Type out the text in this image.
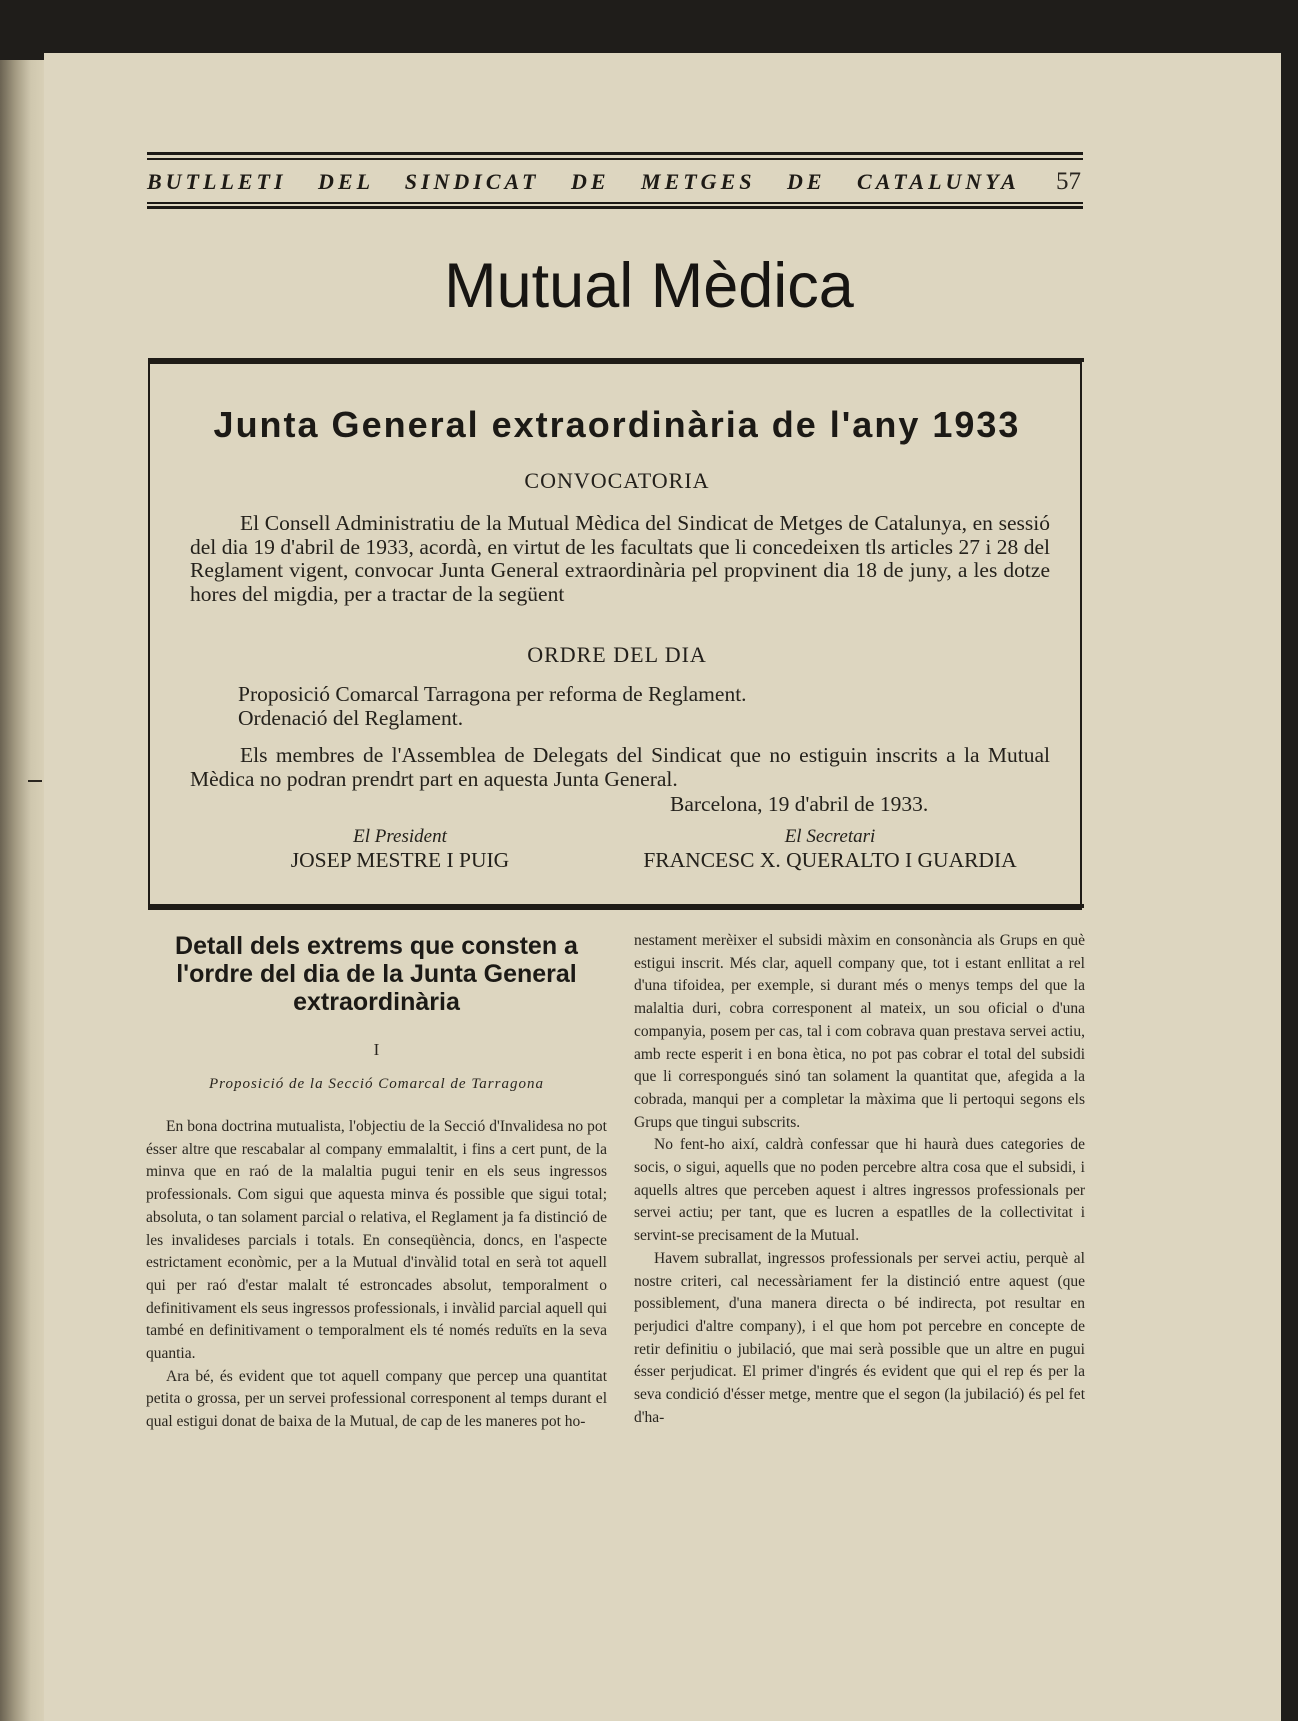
BUTLLETI DEL SINDICAT DE METGES DE CATALUNYA 57
Mutual Mèdica
Junta General extraordinària de l'any 1933
CONVOCATORIA
El Consell Administratiu de la Mutual Mèdica del Sindicat de Metges de Catalunya, en sessió del dia 19 d'abril de 1933, acordà, en virtut de les facultats que li concedeixen tls articles 27 i 28 del Reglament vigent, convocar Junta General extraordinària pel propvinent dia 18 de juny, a les dotze hores del migdia, per a tractar de la següent
ORDRE DEL DIA
Proposició Comarcal Tarragona per reforma de Reglament.
Ordenació del Reglament.
Els membres de l'Assemblea de Delegats del Sindicat que no estiguin inscrits a la Mutual Mèdica no podran prendrt part en aquesta Junta General.
Barcelona, 19 d'abril de 1933.
El President
JOSEP MESTRE I PUIG
El Secretari
FRANCESC X. QUERALTO I GUARDIA
Detall dels extrems que consten a l'ordre del dia de la Junta General extraordinària
I
Proposició de la Secció Comarcal de Tarragona

En bona doctrina mutualista, l'objectiu de la Secció d'Invalidesa no pot ésser altre que rescabalar al company emmalaltit, i fins a cert punt, de la minva que en raó de la malaltia pugui tenir en els seus ingressos professionals. Com sigui que aquesta minva és possible que sigui total; absoluta, o tan solament parcial o relativa, el Reglament ja fa distinció de les invalideses parcials i totals. En conseqüència, doncs, en l'aspecte estrictament econòmic, per a la Mutual d'invàlid total en serà tot aquell qui per raó d'estar malalt té estroncades absolut, temporalment o definitivament els seus ingressos professionals, i invàlid parcial aquell qui també en definitivament o temporalment els té només reduïts en la seva quantia.

Ara bé, és evident que tot aquell company que percep una quantitat petita o grossa, per un servei professional corresponent al temps durant el qual estigui donat de baixa de la Mutual, de cap de les maneres pot ho-

nestament merèixer el subsidi màxim en consonància als Grups en què estigui inscrit. Més clar, aquell company que, tot i estant enllitat a rel d'una tifoidea, per exemple, si durant més o menys temps del que la malaltia duri, cobra corresponent al mateix, un sou oficial o d'una companyia, posem per cas, tal i com cobrava quan prestava servei actiu, amb recte esperit i en bona ètica, no pot pas cobrar el total del subsidi que li correspongués sinó tan solament la quantitat que, afegida a la cobrada, manqui per a completar la màxima que li pertoqui segons els Grups que tingui subscrits.

No fent-ho així, caldrà confessar que hi haurà dues categories de socis, o sigui, aquells que no poden percebre altra cosa que el subsidi, i aquells altres que perceben aquest i altres ingressos professionals per servei actiu; per tant, que es lucren a espatlles de la collectivitat i servint-se precisament de la Mutual.

Havem subrallat, ingressos professionals per servei actiu, perquè al nostre criteri, cal necessàriament fer la distinció entre aquest (que possiblement, d'una manera directa o bé indirecta, pot resultar en perjudici d'altre company), i el que hom pot percebre en concepte de retir definitiu o jubilació, que mai serà possible que un altre en pugui ésser perjudicat. El primer d'ingrés és evident que qui el rep és per la seva condició d'ésser metge, mentre que el segon (la jubilació) és pel fet d'ha-
